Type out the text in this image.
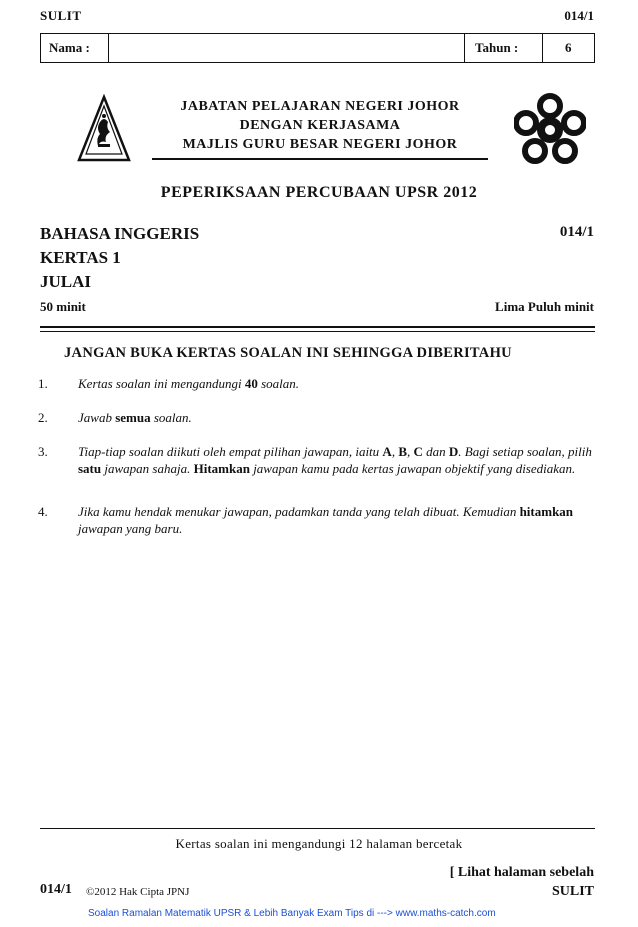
SULIT	014/1
Nama :	Tahun :	6
JABATAN PELAJARAN NEGERI JOHOR
DENGAN KERJASAMA
MAJLIS GURU BESAR NEGERI JOHOR
PEPERIKSAAN PERCUBAAN UPSR 2012
BAHASA INGGERIS
KERTAS 1
JULAI
014/1
50 minit	Lima Puluh minit
JANGAN BUKA KERTAS SOALAN INI SEHINGGA DIBERITAHU
1. Kertas soalan ini mengandungi 40 soalan.
2. Jawab semua soalan.
3. Tiap-tiap soalan diikuti oleh empat pilihan jawapan, iaitu A, B, C dan D. Bagi setiap soalan, pilih satu jawapan sahaja. Hitamkan jawapan kamu pada kertas jawapan objektif yang disediakan.
4. Jika kamu hendak menukar jawapan, padamkan tanda yang telah dibuat. Kemudian hitamkan jawapan yang baru.
Kertas soalan ini mengandungi 12 halaman bercetak
[ Lihat halaman sebelah
014/1 ©2012 Hak Cipta JPNJ	SULIT
Soalan Ramalan Matematik UPSR & Lebih Banyak Exam Tips di ---> www.maths-catch.com
